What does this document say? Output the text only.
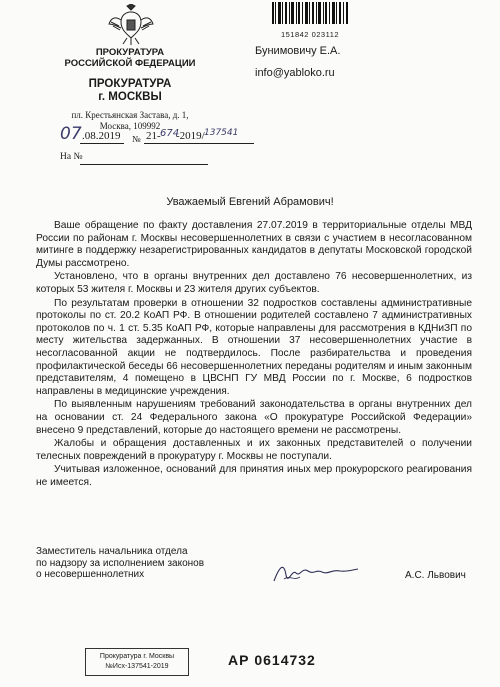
ПРОКУРАТУРА
РОССИЙСКОЙ ФЕДЕРАЦИИ
ПРОКУРАТУРА
г. МОСКВЫ
пл. Крестьянская Застава, д. 1,
Москва, 109992
07 .08.2019 № 21- 674
-2019/ 137541
На №
151842 023112
Бунимовичу Е.А.
info@yabloko.ru
Уважаемый Евгений Абрамович!

Ваше обращение по факту доставления 27.07.2019 в территориальные отделы МВД России по районам г. Москвы несовершеннолетних в связи с участием в несогласованном митинге в поддержку незарегистрированных кандидатов в депутаты Московской городской Думы рассмотрено.

Установлено, что в органы внутренних дел доставлено 76 несовершеннолетних, из которых 53 жителя г. Москвы и 23 жителя других субъектов.

По результатам проверки в отношении 32 подростков составлены административные протоколы по ст. 20.2 КоАП РФ. В отношении родителей составлено 7 административных протоколов по ч. 1 ст. 5.35 КоАП РФ, которые направлены для рассмотрения в КДНиЗП по месту жительства задержанных. В отношении 37 несовершеннолетних участие в несогласованной акции не подтвердилось. После разбирательства и проведения профилактической беседы 66 несовершеннолетних переданы родителям и иным законным представителям, 4 помещено в ЦВСНП ГУ МВД России по г. Москве, 6 подростков направлены в медицинские учреждения.

По выявленным нарушениям требований законодательства в органы внутренних дел на основании ст. 24 Федерального закона «О прокуратуре Российской Федерации» внесено 9 представлений, которые до настоящего времени не рассмотрены.

Жалобы и обращения доставленных и их законных представителей о получении телесных повреждений в прокуратуру г. Москвы не поступали.

Учитывая изложенное, оснований для принятия иных мер прокурорского реагирования не имеется.

Заместитель начальника отдела
по надзору за исполнением законов
о несовершеннолетних	А.С. Львович
Прокуратура г. Москвы
№Исх-137541-2019	АР 0614732
